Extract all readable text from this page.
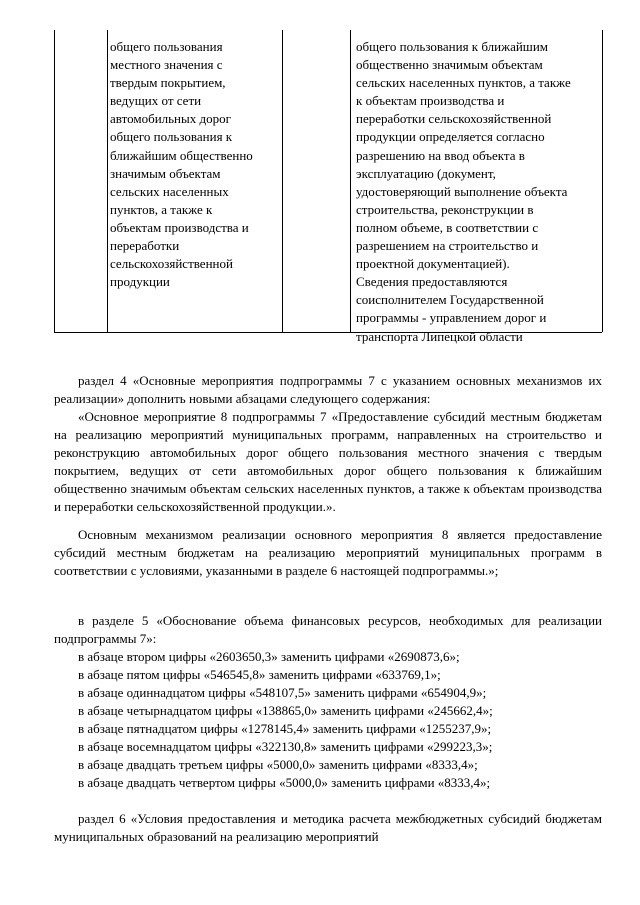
общего пользования
местного значения с
твердым покрытием,
ведущих от сети
автомобильных дорог
общего пользования к
ближайшим общественно
значимым объектам
сельских населенных
пунктов, а также к
объектам производства и
переработки
сельскохозяйственной
продукции
общего пользования к ближайшим
общественно значимым объектам
сельских населенных пунктов, а также
к объектам производства и
переработки сельскохозяйственной
продукции определяется согласно
разрешению на ввод объекта в
эксплуатацию (документ,
удостоверяющий выполнение объекта
строительства, реконструкции в
полном объеме, в соответствии с
разрешением на строительство и
проектной документацией).
Сведения предоставляются
соисполнителем Государственной
программы - управлением дорог и
транспорта Липецкой области
раздел 4 «Основные мероприятия подпрограммы 7 с указанием основных механизмов их реализации» дополнить новыми абзацами следующего содержания:
«Основное мероприятие 8 подпрограммы 7 «Предоставление субсидий местным бюджетам на реализацию мероприятий муниципальных программ, направленных на строительство и реконструкцию автомобильных дорог общего пользования местного значения с твердым покрытием, ведущих от сети автомобильных дорог общего пользования к ближайшим общественно значимым объектам сельских населенных пунктов, а также к объектам производства и переработки сельскохозяйственной продукции.».
Основным механизмом реализации основного мероприятия 8 является предоставление субсидий местным бюджетам на реализацию мероприятий муниципальных программ в соответствии с условиями, указанными в разделе 6 настоящей подпрограммы.»;
в разделе 5 «Обоснование объема финансовых ресурсов, необходимых для реализации подпрограммы 7»:
в абзаце втором цифры «2603650,3» заменить цифрами «2690873,6»;
в абзаце пятом цифры «546545,8» заменить цифрами «633769,1»;
в абзаце одиннадцатом цифры «548107,5» заменить цифрами «654904,9»;
в абзаце четырнадцатом цифры «138865,0» заменить цифрами «245662,4»;
в абзаце пятнадцатом цифры «1278145,4» заменить цифрами «1255237,9»;
в абзаце восемнадцатом цифры «322130,8» заменить цифрами «299223,3»;
в абзаце двадцать третьем цифры «5000,0» заменить цифрами «8333,4»;
в абзаце двадцать четвертом цифры «5000,0» заменить цифрами «8333,4»;
раздел 6 «Условия предоставления и методика расчета межбюджетных субсидий бюджетам муниципальных образований на реализацию мероприятий
